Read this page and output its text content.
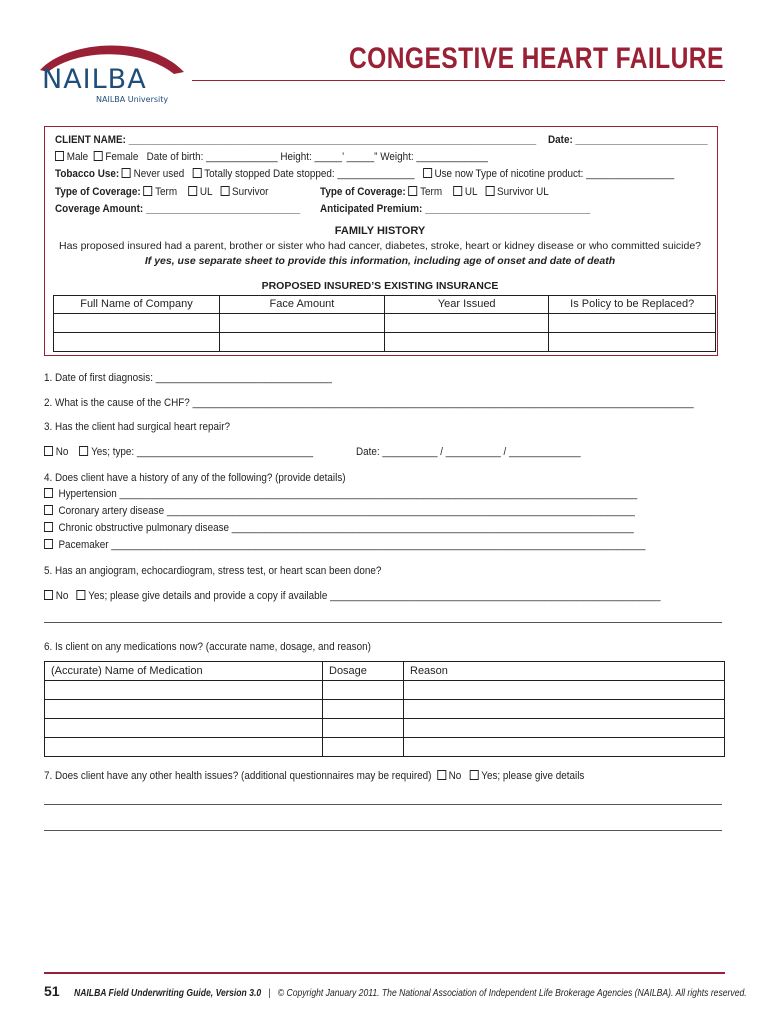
NAILBA
NAILBA University
CONGESTIVE HEART FAILURE
CLIENT NAME: __________________________________________________________________________ Date: ________________________
Male Female Date of birth: _____________ Height: _____’ _____” Weight: _____________
Tobacco Use: Never used Totally stopped Date stopped: ______________ Use now Type of nicotine product: ________________
Type of Coverage: Term UL Survivor	Type of Coverage: Term UL Survivor UL
Coverage Amount: ____________________________ Anticipated Premium: ______________________________
FAMILY HISTORY
Has proposed insured had a parent, brother or sister who had cancer, diabetes, stroke, heart or kidney disease or who committed suicide?
If yes, use separate sheet to provide this information, including age of onset and date of death
PROPOSED INSURED’S EXISTING INSURANCE
Full Name of Company	Face Amount	Year Issued	Is Policy to be Replaced?

1. Date of first diagnosis: ________________________________
2. What is the cause of the CHF? ___________________________________________________________________________________________
3. Has the client had surgical heart repair?
No Yes; type: ________________________________	Date: __________ / __________ / _____________
4. Does client have a history of any of the following? (provide details)
Hypertension ______________________________________________________________________________________________
Coronary artery disease _____________________________________________________________________________________
Chronic obstructive pulmonary disease _________________________________________________________________________
Pacemaker _________________________________________________________________________________________________
5. Has an angiogram, echocardiogram, stress test, or heart scan been done?
No Yes; please give details and provide a copy if available ____________________________________________________________
6. Is client on any medications now? (accurate name, dosage, and reason)
(Accurate) Name of Medication	Dosage	Reason

7. Does client have any other health issues? (additional questionnaires may be required) No Yes; please give details
51 NAILBA Field Underwriting Guide, Version 3.0 | © Copyright January 2011. The National Association of Independent Life Brokerage Agencies (NAILBA). All rights reserved.
